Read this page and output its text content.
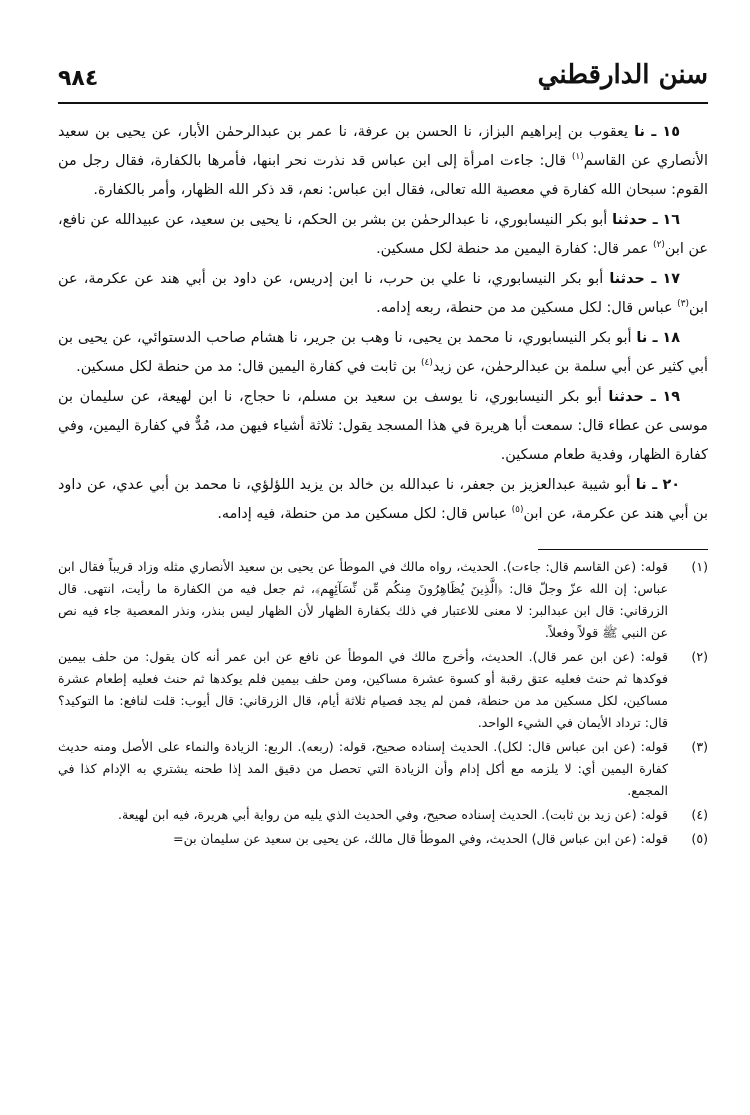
سنن الدارقطني
٩٨٤

١٥ ـ نا يعقوب بن إبراهيم البزاز، نا الحسن بن عرفة، نا عمر بن عبدالرحمٰن الأبار، عن يحيى بن سعيد الأنصاري عن القاسم$^{(١)}$ قال: جاءت امرأة إلى ابن عباس قد نذرت نحر ابنها، فأمرها بالكفارة، فقال رجل من القوم: سبحان الله كفارة في معصية الله تعالى، فقال ابن عباس: نعم، قد ذكر الله الظهار، وأمر بالكفارة.

١٦ ـ حدثنا أبو بكر النيسابوري، نا عبدالرحمٰن بن بشر بن الحكم، نا يحيى بن سعيد، عن عبيدالله عن نافع، عن ابن$^{(٢)}$ عمر قال: كفارة اليمين مد حنطة لكل مسكين.

١٧ ـ حدثنا أبو بكر النيسابوري، نا علي بن حرب، نا ابن إدريس، عن داود بن أبي هند عن عكرمة، عن ابن$^{(٣)}$ عباس قال: لكل مسكين مد من حنطة، ربعه إدامه.

١٨ ـ نا أبو بكر النيسابوري، نا محمد بن يحيى، نا وهب بن جرير، نا هشام صاحب الدستوائي، عن يحيى بن أبي كثير عن أبي سلمة بن عبدالرحمٰن، عن زيد$^{(٤)}$ بن ثابت في كفارة اليمين قال: مد من حنطة لكل مسكين.

١٩ ـ حدثنا أبو بكر النيسابوري، نا يوسف بن سعيد بن مسلم، نا حجاج، نا ابن لهيعة، عن سليمان بن موسى عن عطاء قال: سمعت أبا هريرة في هذا المسجد يقول: ثلاثة أشياء فيهن مد، مُدٌّ في كفارة اليمين، وفي كفارة الظهار، وفدية طعام مسكين.

٢٠ ـ نا أبو شيبة عبدالعزيز بن جعفر، نا عبدالله بن خالد بن يزيد اللؤلؤي، نا محمد بن أبي عدي، عن داود بن أبي هند عن عكرمة، عن ابن$^{(٥)}$ عباس قال: لكل مسكين مد من حنطة، فيه إدامه.

(١)
قوله: (عن القاسم قال: جاءت). الحديث، رواه مالك في الموطأ عن يحيى بن سعيد الأنصاري مثله وزاد قريباً فقال ابن عباس: إن الله عزّ وجلّ قال: ﴿الَّذِينَ يُظَاهِرُونَ مِنكُم مِّن نِّسَآئِهِم﴾، ثم جعل فيه من الكفارة ما رأيت، انتهى. قال الزرقاني: قال ابن عبدالبر: لا معنى للاعتبار في ذلك بكفارة الظهار لأن الظهار ليس بنذر، ونذر المعصية جاء فيه نص عن النبي ﷺ قولاً وفعلاً.
(٢)
قوله: (عن ابن عمر قال). الحديث، وأخرج مالك في الموطأ عن نافع عن ابن عمر أنه كان يقول: من حلف بيمين فوكدها ثم حنث فعليه عتق رقبة أو كسوة عشرة مساكين، ومن حلف بيمين فلم يوكدها ثم حنث فعليه إطعام عشرة مساكين، لكل مسكين مد من حنطة، فمن لم يجد فصيام ثلاثة أيام، قال الزرقاني: قال أيوب: قلت لنافع: ما التوكيد؟ قال: ترداد الأيمان في الشيء الواحد.
(٣)
قوله: (عن ابن عباس قال: لكل). الحديث إسناده صحيح، قوله: (ربعه). الربع: الزيادة والنماء على الأصل ومنه حديث كفارة اليمين أي: لا يلزمه مع أكل إدام وأن الزيادة التي تحصل من دقيق المد إذا طحنه يشتري به الإدام كذا في المجمع.
(٤)
قوله: (عن زيد بن ثابت). الحديث إسناده صحيح، وفي الحديث الذي يليه من رواية أبي هريرة، فيه ابن لهيعة.
(٥)
قوله: (عن ابن عباس قال) الحديث، وفي الموطأ قال مالك، عن يحيى بن سعيد عن سليمان بن=
